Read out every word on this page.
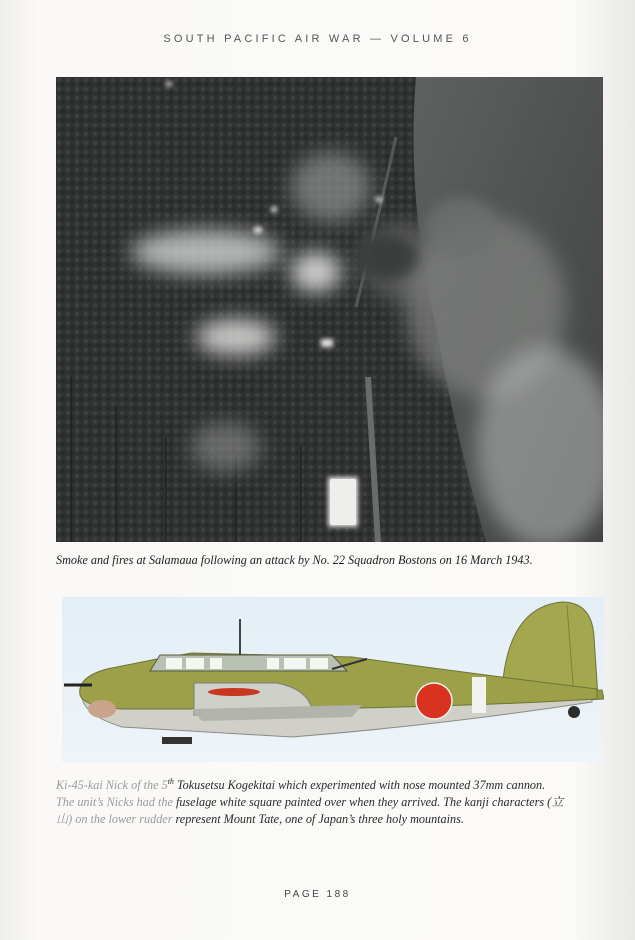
SOUTH PACIFIC AIR WAR — VOLUME 6
Smoke and fires at Salamaua following an attack by No. 22 Squadron Bostons on 16 March 1943.
Ki-45-kai Nick of the 5th Tokusetsu Kogekitai which experimented with nose mounted 37mm cannon.
The unit’s Nicks had the fuselage white square painted over when they arrived. The kanji characters (立
山) on the lower rudder represent Mount Tate, one of Japan’s three holy mountains.
PAGE 188
